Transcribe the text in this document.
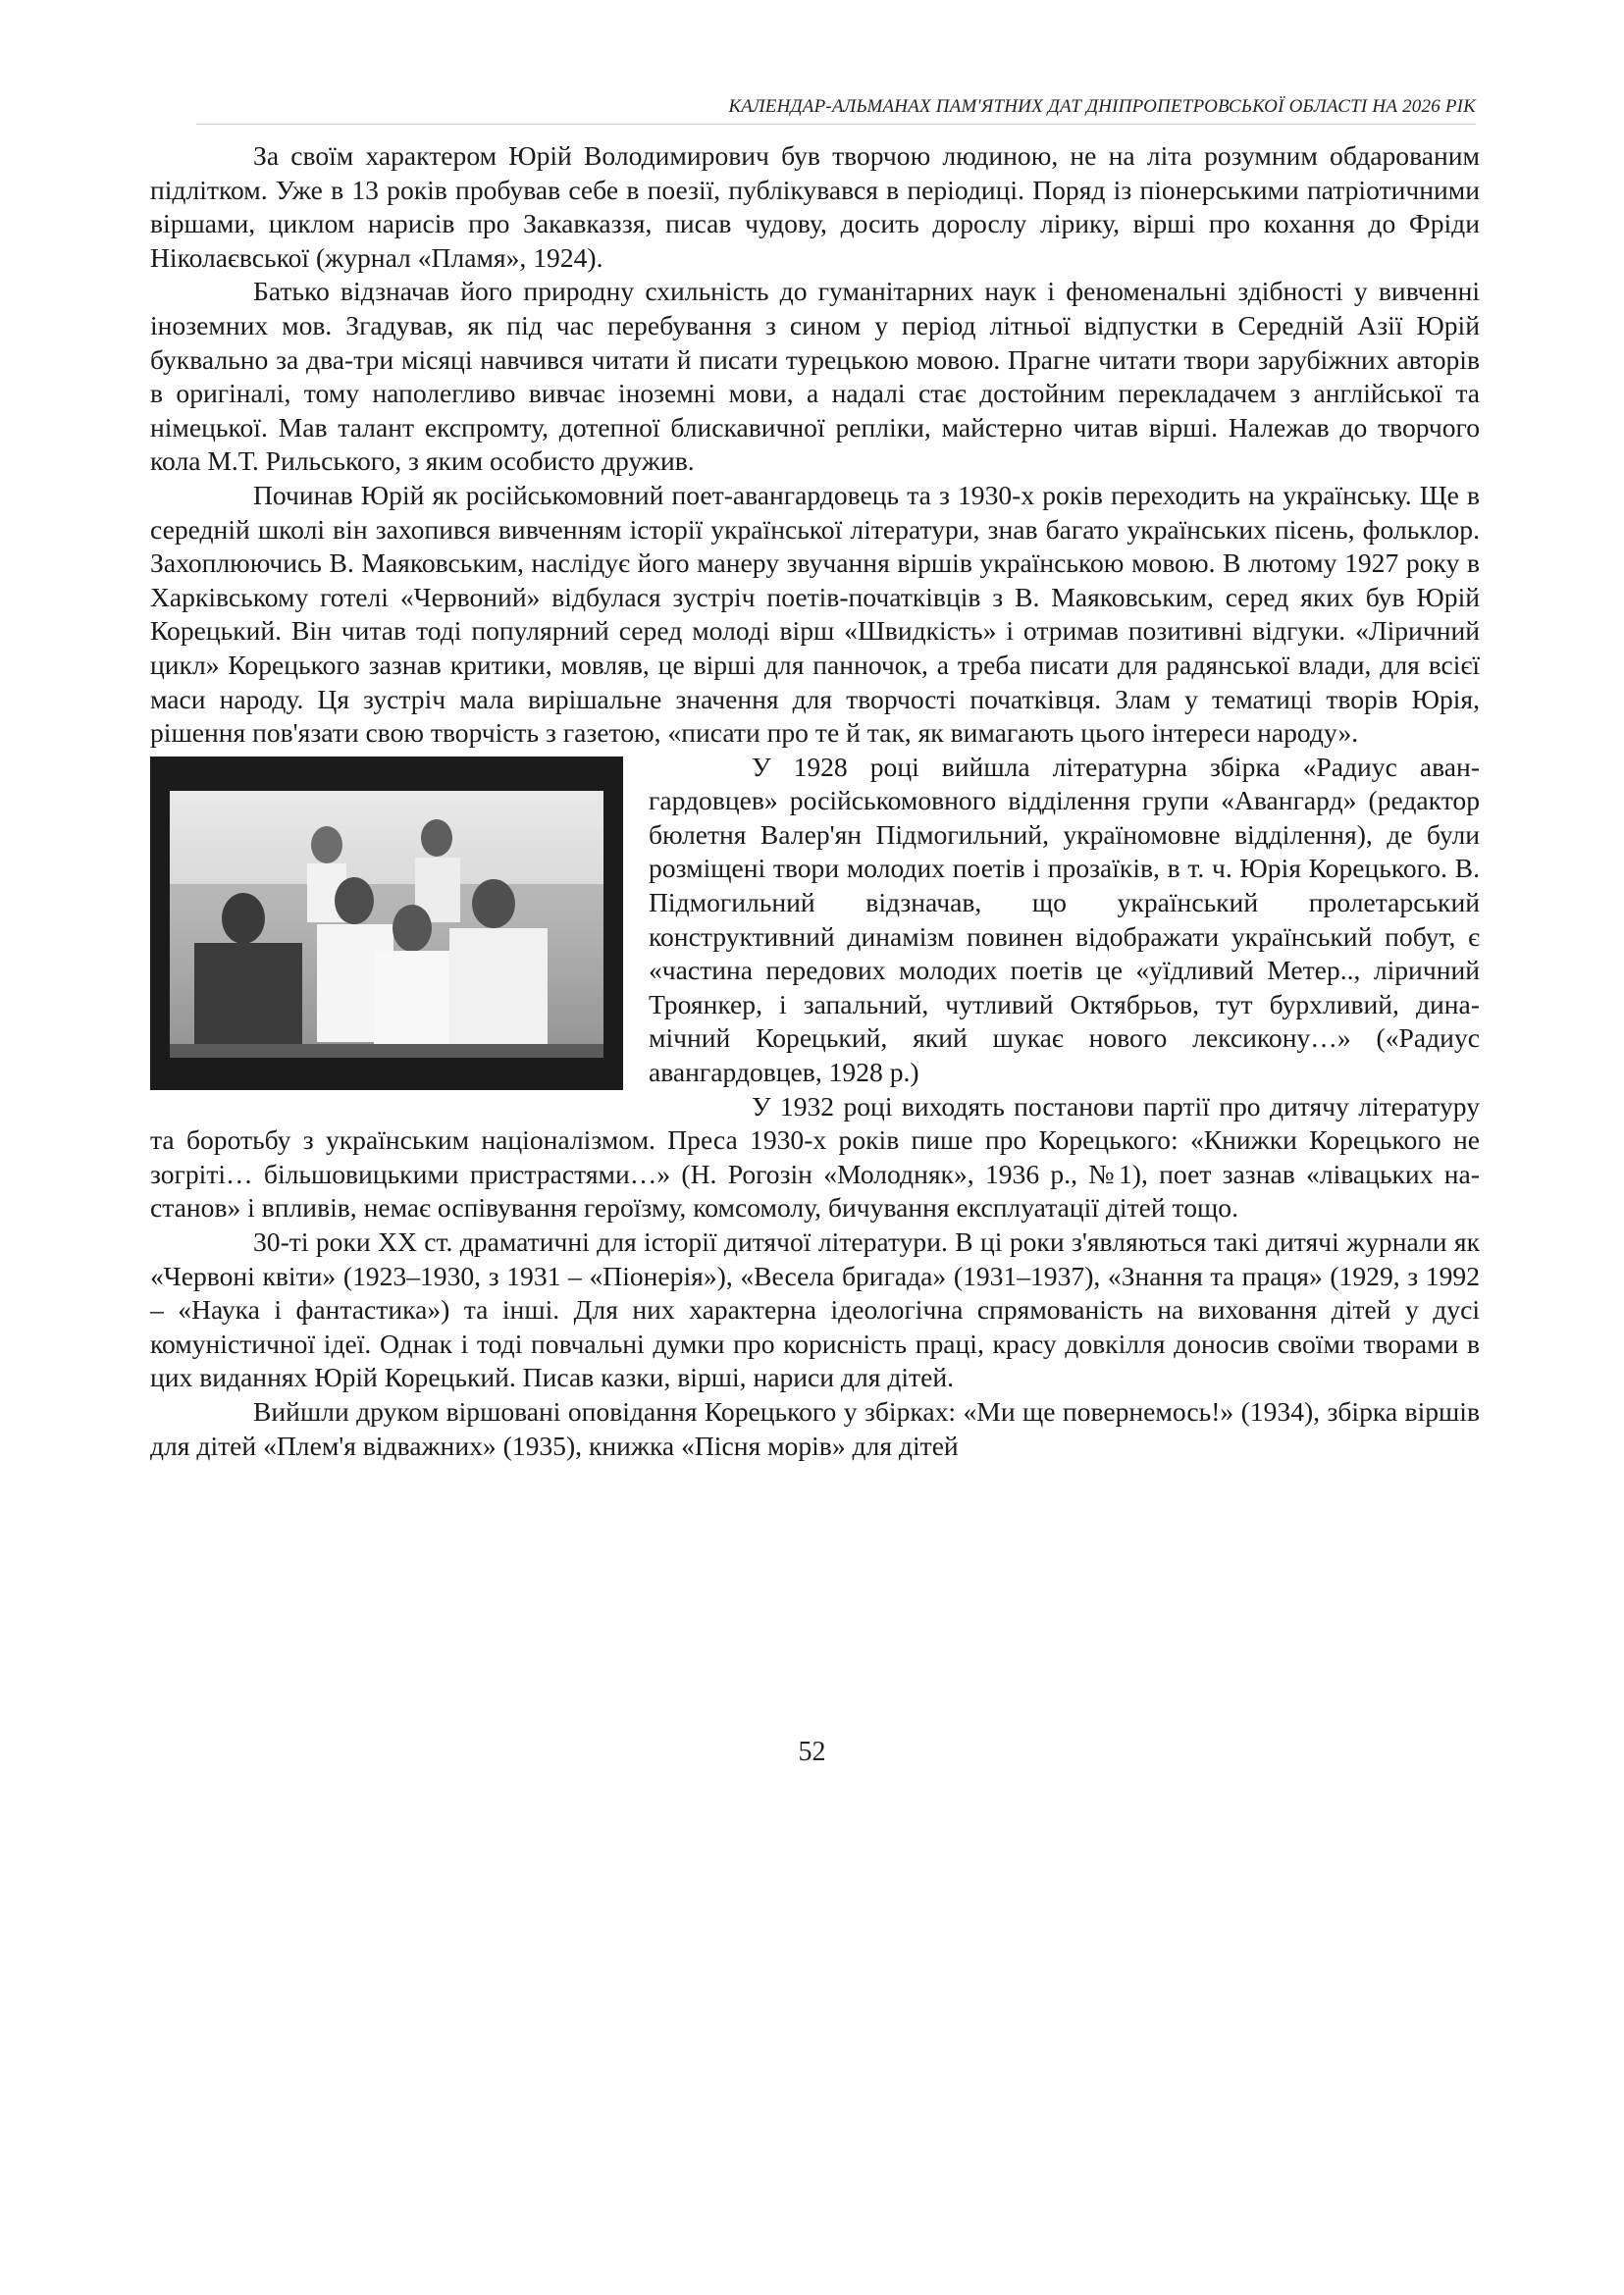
КАЛЕНДАР-АЛЬМАНАХ ПАМ'ЯТНИХ ДАТ ДНІПРОПЕТРОВСЬКОЇ ОБЛАСТІ НА 2026 РІК

За своїм характером Юрій Володимирович був творчою людиною, не на літа розумним обдарованим підлітком. Уже в 13 років пробував себе в поезії, публікувався в періодиці. Поряд із піонерськими патріотичними віршами, циклом нарисів про Закавказзя, писав чудову, досить дорослу лірику, вірші про кохання до Фріди Ніколаєвської (журнал «Пламя», 1924).

Батько відзначав його природну схильність до гуманітарних наук і феноменальні здібності у вивченні іноземних мов. Згадував, як під час перебування з сином у період літньої відпустки в Середній Азії Юрій буквально за два-три місяці навчився читати й писати турецькою мовою. Прагне читати твори зарубіжних авторів в оригіналі, тому наполегливо вивчає іноземні мови, а надалі стає достойним перекладачем з англійської та німецької. Мав талант експромту, дотепної блискавичної репліки, майстерно читав вірші. Належав до творчого кола М.Т. Рильського, з яким особисто дружив.

Починав Юрій як російськомовний поет-авангардовець та з 1930-х років переходить на українську. Ще в середній школі він захопився вивченням історії української літератури, знав багато українських пісень, фольклор. Захоплюючись В. Маяковським, наслідує його манеру звучання віршів українською мовою. В лютому 1927 року в Харківському готелі «Червоний» відбулася зустріч поетів-початківців з В. Маяковським, серед яких був Юрій Корецький. Він читав тоді популярний серед молоді вірш «Швидкість» і отримав позитивні відгуки. «Ліричний цикл» Корецького зазнав критики, мовляв, це вірші для панночок, а треба писати для радянської влади, для всієї маси народу. Ця зустріч мала вирішальне значення для творчості початківця. Злам у тематиці творів Юрія, рішення пов'язати свою творчість з газетою, «писати про те й так, як вимагають цього інтереси народу».

У 1928 році вийшла літературна збірка «Радиус авангардовцев» російськомовного відділення групи «Авангард» (редактор бюлетня Валер'ян Підмогильний, україномовне відділення), де були розміщені твори молодих поетів і прозаїків, в т. ч. Юрія Корецького. В. Підмогильний відзначав, що український пролетарський конструктивний динамізм повинен відображати український побут, є «частина передових молодих поетів це «уїдливий Метер.., ліричний Троянкер, і запальний, чутливий Октябрьов, тут бурхливий, динамічний Корецький, який шукає нового лексикону…» («Радиус авангардовцев, 1928 р.)

У 1932 році виходять постанови партії про дитячу літературу та боротьбу з українським націоналізмом. Преса 1930-х років пише про Корецького: «Книжки Корецького не зогріті… більшовицькими пристрастями…» (Н. Рогозін «Молодняк», 1936 р., №1), поет зазнав «лівацьких настанов» і впливів, немає оспівування героїзму, комсомолу, бичування експлуатації дітей тощо.

30-ті роки ХХ ст. драматичні для історії дитячої літератури. В ці роки з'являються такі дитячі журнали як «Червоні квіти» (1923–1930, з 1931 – «Піонерія»), «Весела бригада» (1931–1937), «Знання та праця» (1929, з 1992 – «Наука і фантастика») та інші. Для них характерна ідеологічна спрямованість на виховання дітей у дусі комуністичної ідеї. Однак і тоді повчальні думки про корисність праці, красу довкілля доносив своїми творами в цих виданнях Юрій Корецький. Писав казки, вірші, нариси для дітей.

Вийшли друком віршовані оповідання Корецького у збірках: «Ми ще повернемось!» (1934), збірка віршів для дітей «Плем'я відважних» (1935), книжка «Пісня морів» для дітей

52
